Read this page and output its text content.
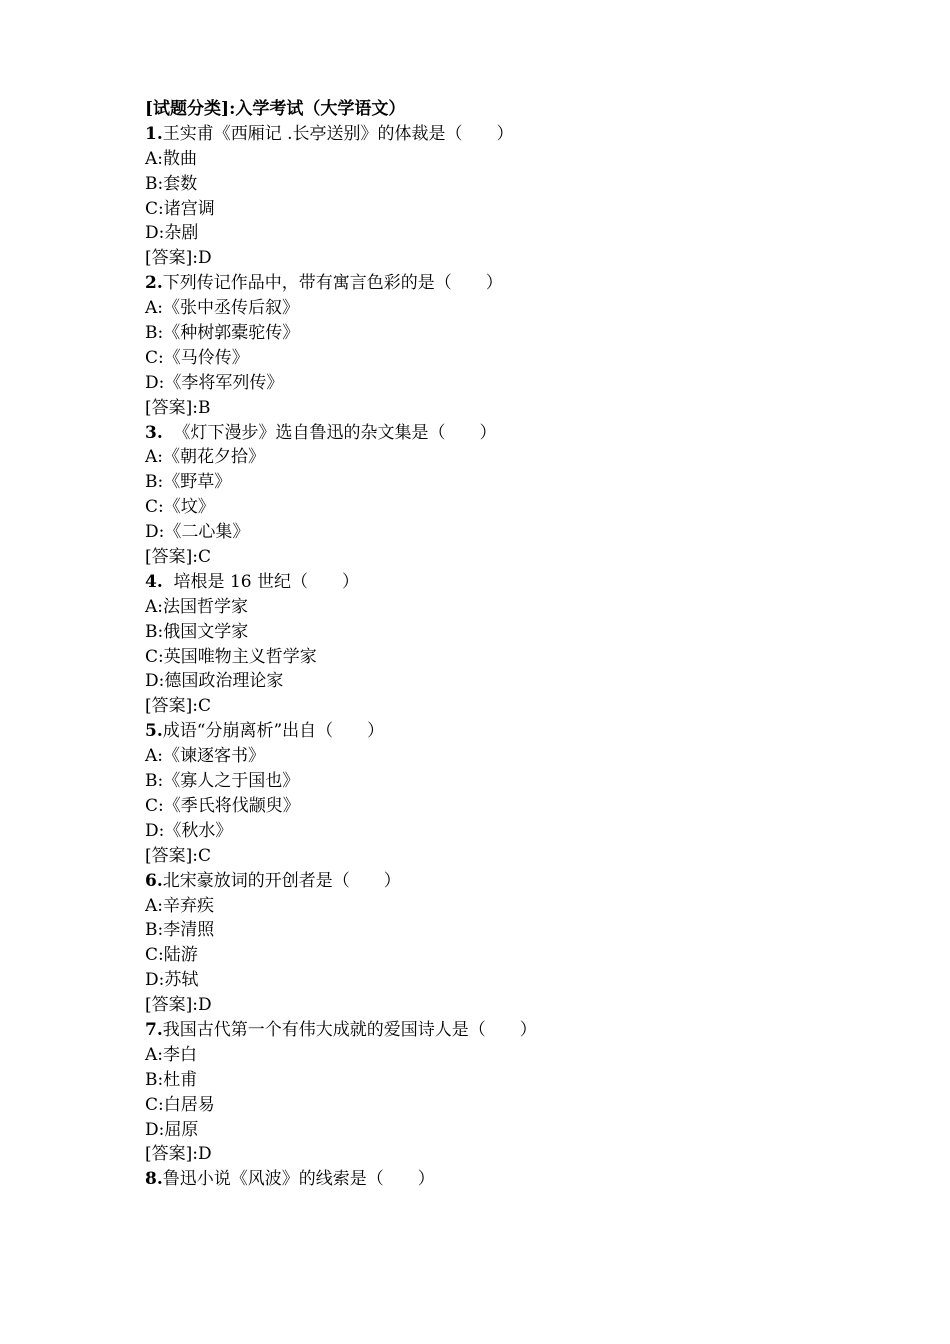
[试题分类]:入学考试（大学语文）
1.王实甫《西厢记 .长亭送别》的体裁是（　　）
A:散曲
B:套数
C:诸宫调
D:杂剧
[答案]:D
2.下列传记作品中，带有寓言色彩的是（　　）
A:《张中丞传后叙》
B:《种树郭橐驼传》
C:《马伶传》
D:《李将军列传》
[答案]:B
3.  《灯下漫步》选自鲁迅的杂文集是（　　）
A:《朝花夕拾》
B:《野草》
C:《坟》
D:《二心集》
[答案]:C
4.  培根是 16 世纪（　　）
A:法国哲学家
B:俄国文学家
C:英国唯物主义哲学家
D:德国政治理论家
[答案]:C
5.成语“分崩离析”出自（　　）
A:《谏逐客书》
B:《寡人之于国也》
C:《季氏将伐颛臾》
D:《秋水》
[答案]:C
6.北宋豪放词的开创者是（　　）
A:辛弃疾
B:李清照
C:陆游
D:苏轼
[答案]:D
7.我国古代第一个有伟大成就的爱国诗人是（　　）
A:李白
B:杜甫
C:白居易
D:屈原
[答案]:D
8.鲁迅小说《风波》的线索是（　　）
